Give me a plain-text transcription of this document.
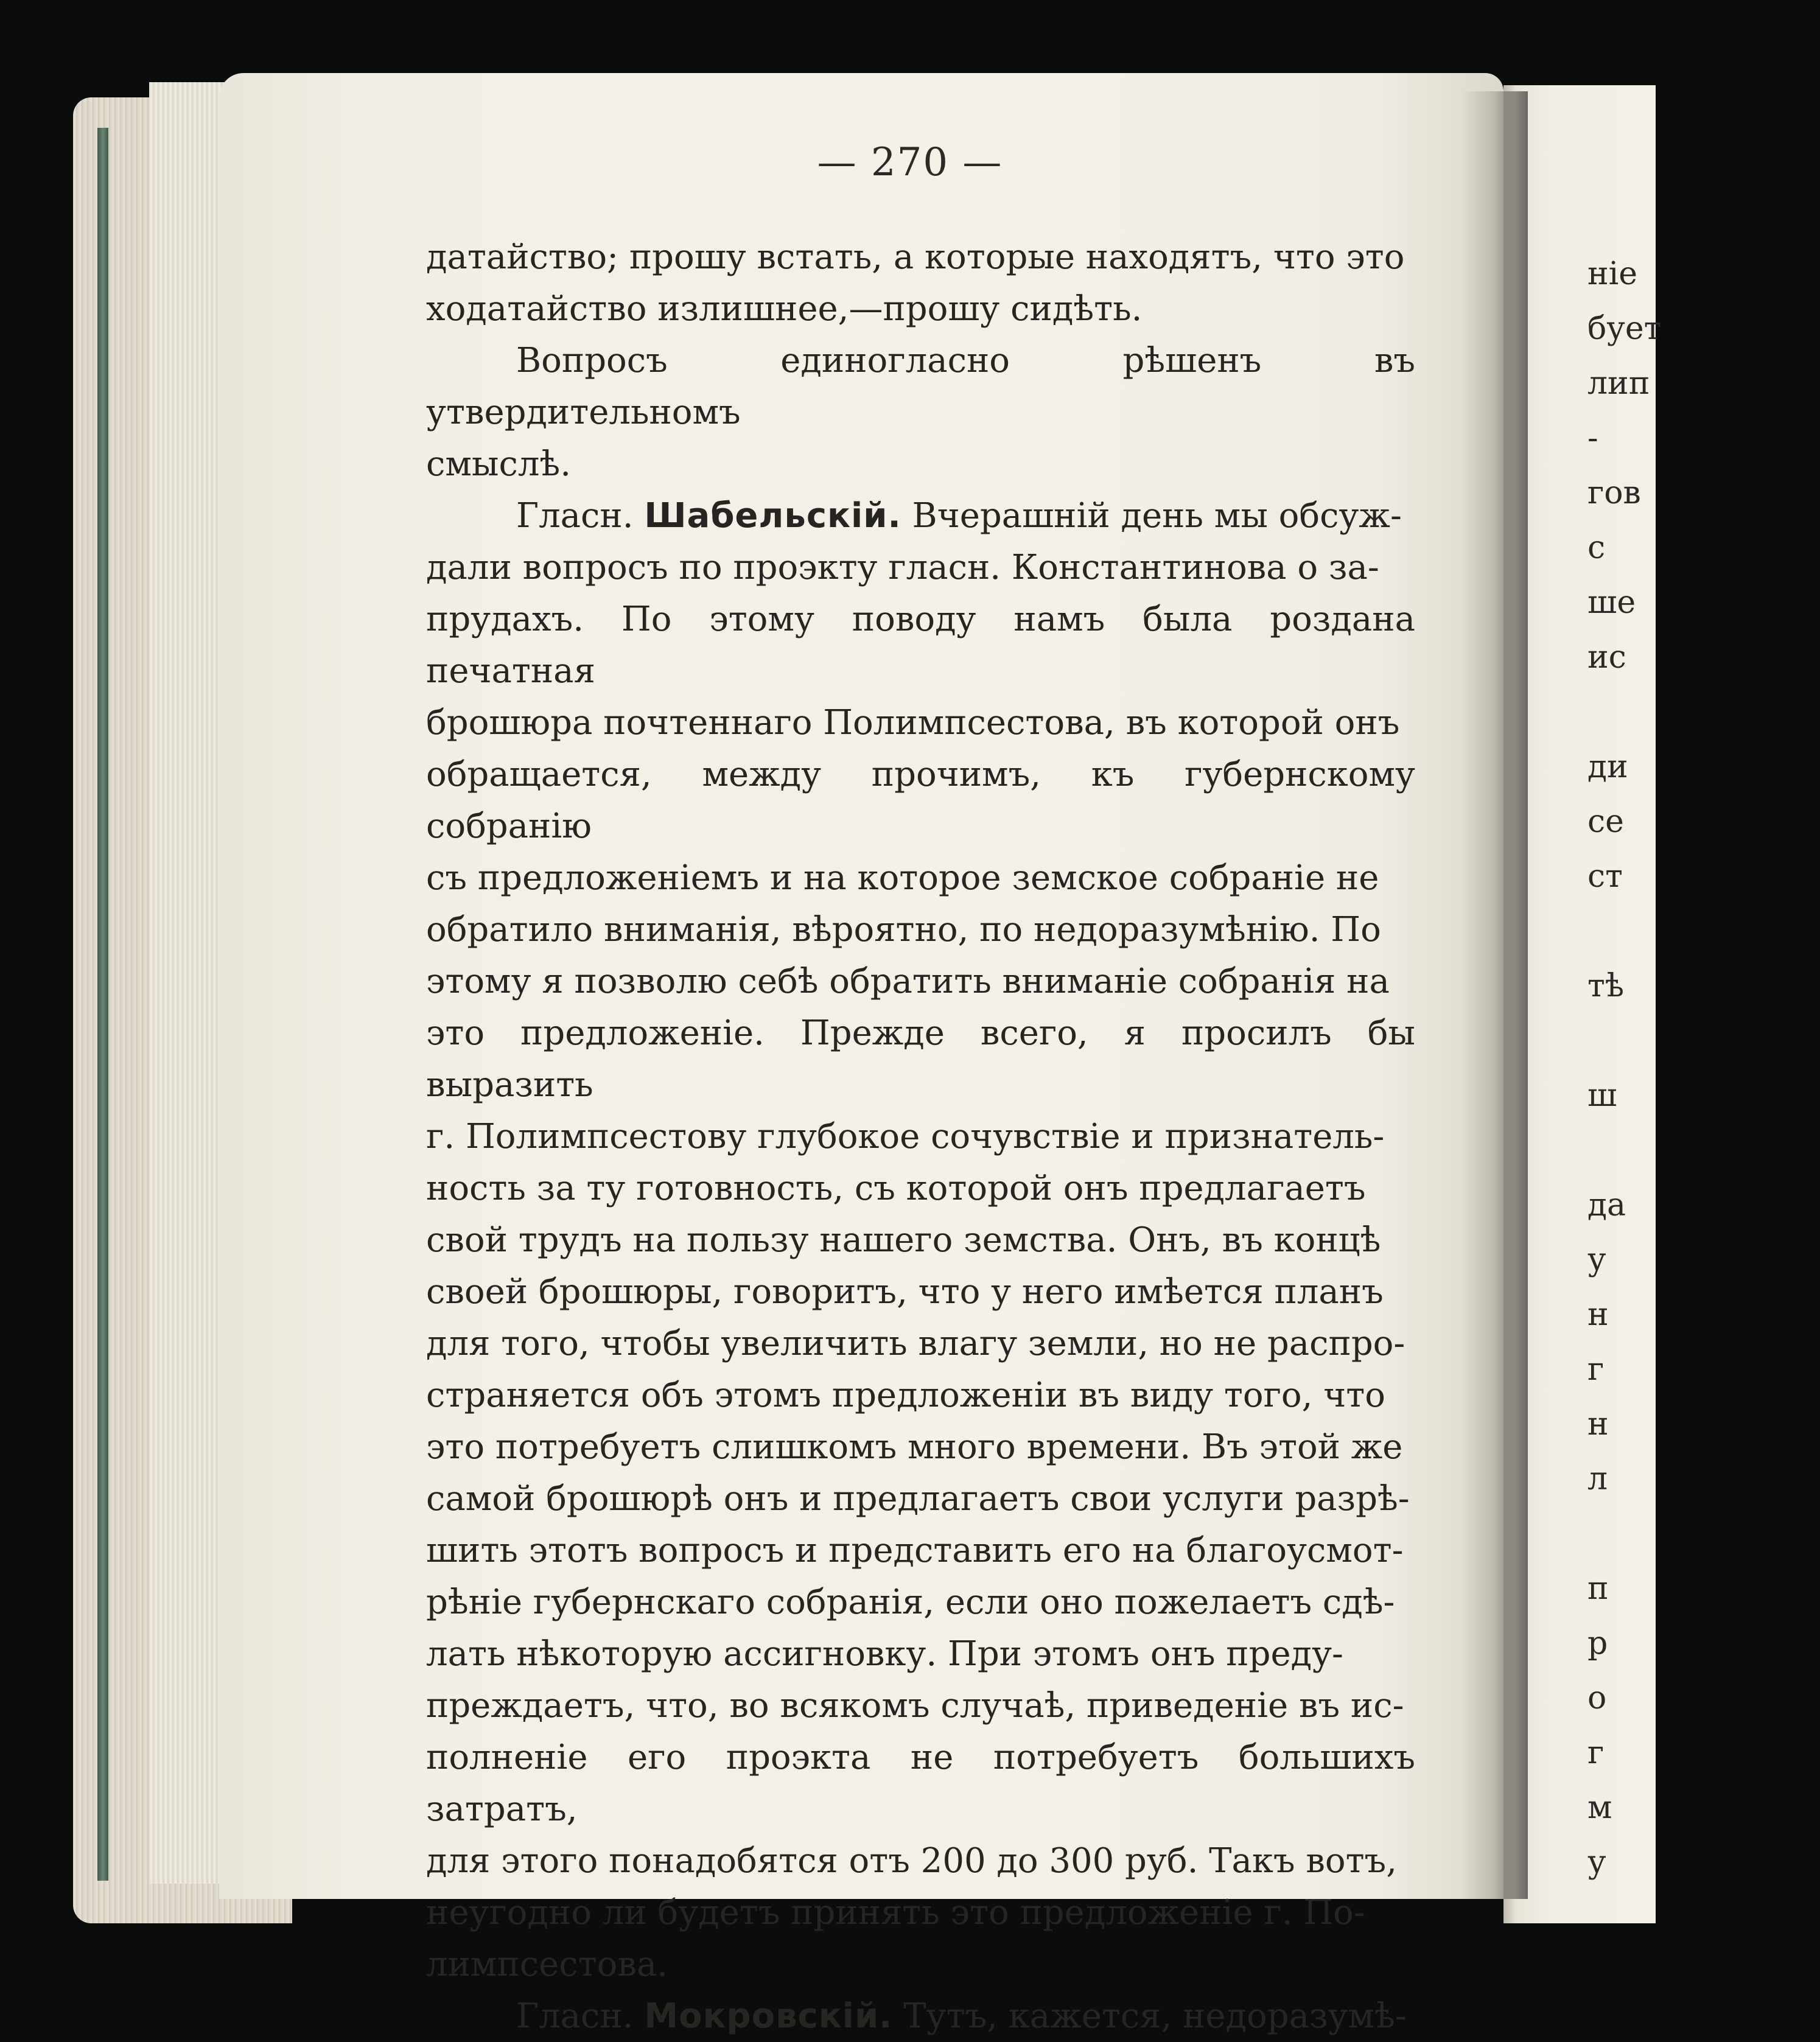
— 270 —

датайство; прошу встать, а которые находятъ, что это
ходатайство излишнее,—прошу сидѣть.

Вопросъ единогласно рѣшенъ въ утвердительномъ
смыслѣ.

Гласн. Шабельскій. Вчерашній день мы обсуж-
дали вопросъ по проэкту гласн. Константинова о за-
прудахъ. По этому поводу намъ была роздана печатная
брошюра почтеннаго Полимпсестова, въ которой онъ
обращается, между прочимъ, къ губернскому собранію
съ предложеніемъ и на которое земское собраніе не
обратило вниманія, вѣроятно, по недоразумѣнію. По
этому я позволю себѣ обратить вниманіе собранія на
это предложеніе. Прежде всего, я просилъ бы выразить
г. Полимпсестову глубокое сочувствіе и признатель-
ность за ту готовность, съ которой онъ предлагаетъ
свой трудъ на пользу нашего земства. Онъ, въ концѣ
своей брошюры, говоритъ, что у него имѣется планъ
для того, чтобы увеличить влагу земли, но не распро-
страняется объ этомъ предложеніи въ виду того, что
это потребуетъ слишкомъ много времени. Въ этой же
самой брошюрѣ онъ и предлагаетъ свои услуги разрѣ-
шить этотъ вопросъ и представить его на благоусмот-
рѣніе губернскаго собранія, если оно пожелаетъ сдѣ-
лать нѣкоторую ассигновку. При этомъ онъ преду-
преждаетъ, что, во всякомъ случаѣ, приведеніе въ ис-
полненіе его проэкта не потребуетъ большихъ затратъ,
для этого понадобятся отъ 200 до 300 руб. Такъ вотъ,
неугодно ли будетъ принять это предложеніе г. По-
лимпсестова.

Гласн. Мокровскій. Тутъ, кажется, недоразумѣ-

ніе
бует
лип
-
гов
с
ше
ис
ди
се
ст
тѣ
ш
да
у
н
г
н
л
п
р
о
г
м
у
